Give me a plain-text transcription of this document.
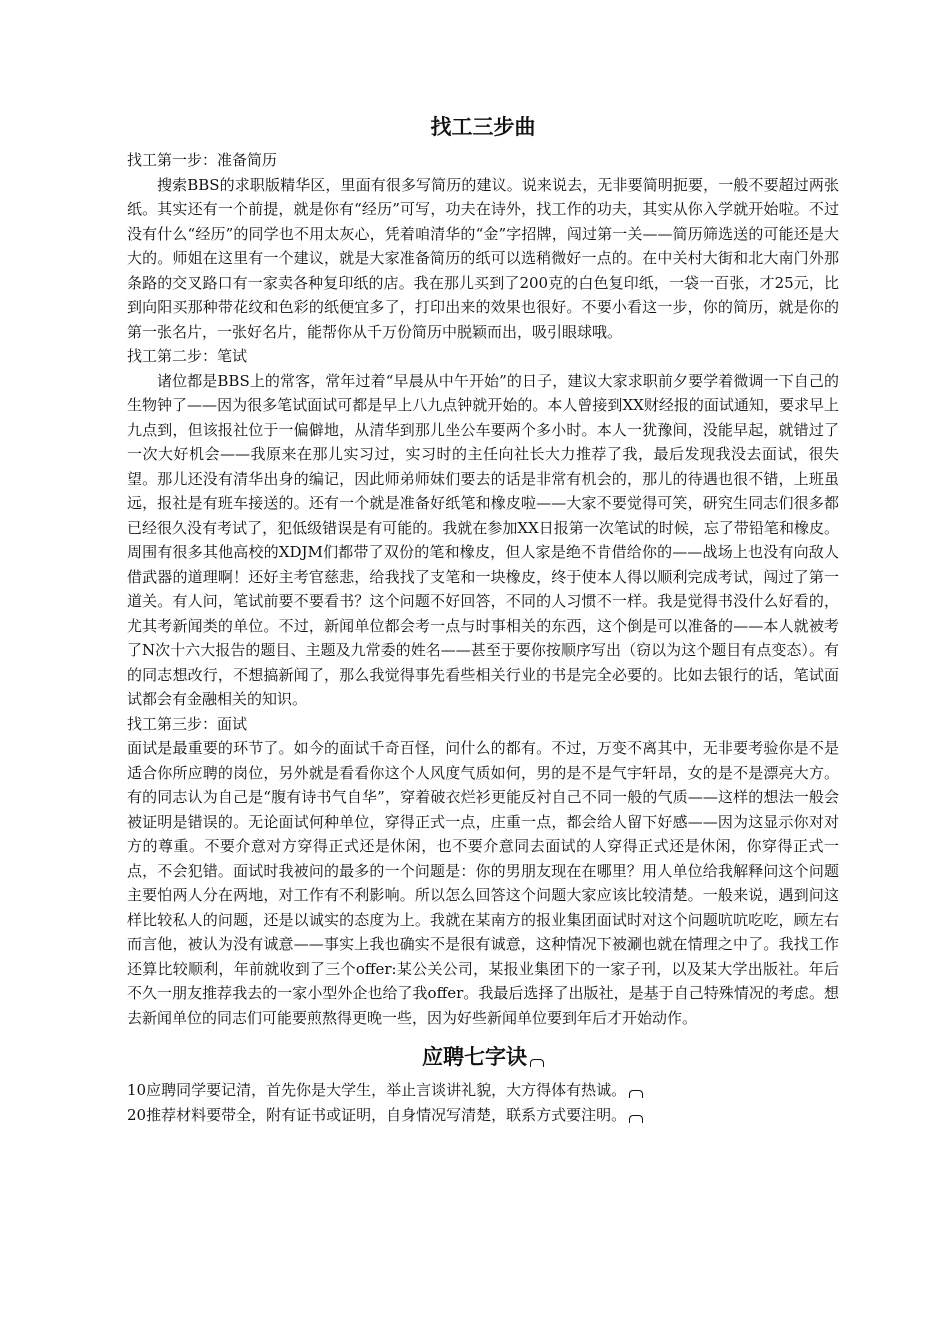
找工三步曲
找工第一步：准备简历
搜索BBS的求职版精华区，里面有很多写简历的建议。说来说去，无非要简明扼要，一般不要超过两张纸。其实还有一个前提，就是你有“经历”可写，功夫在诗外，找工作的功夫，其实从你入学就开始啦。不过没有什么“经历”的同学也不用太灰心，凭着咱清华的“金”字招牌，闯过第一关——简历筛选送的可能还是大大的。师姐在这里有一个建议，就是大家准备简历的纸可以选稍微好一点的。在中关村大街和北大南门外那条路的交叉路口有一家卖各种复印纸的店。我在那儿买到了200克的白色复印纸，一袋一百张，才25元，比到向阳买那种带花纹和色彩的纸便宜多了，打印出来的效果也很好。不要小看这一步，你的简历，就是你的第一张名片，一张好名片，能帮你从千万份简历中脱颖而出，吸引眼球哦。
找工第二步：笔试
诸位都是BBS上的常客，常年过着“早晨从中午开始”的日子，建议大家求职前夕要学着微调一下自己的生物钟了——因为很多笔试面试可都是早上八九点钟就开始的。本人曾接到XX财经报的面试通知，要求早上九点到，但该报社位于一偏僻地，从清华到那儿坐公车要两个多小时。本人一犹豫间，没能早起，就错过了一次大好机会——我原来在那儿实习过，实习时的主任向社长大力推荐了我，最后发现我没去面试，很失望。那儿还没有清华出身的编记，因此师弟师妹们要去的话是非常有机会的，那儿的待遇也很不错，上班虽远，报社是有班车接送的。还有一个就是准备好纸笔和橡皮啦——大家不要觉得可笑，研究生同志们很多都已经很久没有考试了，犯低级错误是有可能的。我就在参加XX日报第一次笔试的时候，忘了带铅笔和橡皮。周围有很多其他高校的XDJM们都带了双份的笔和橡皮，但人家是绝不肯借给你的——战场上也没有向敌人借武器的道理啊！还好主考官慈悲，给我找了支笔和一块橡皮，终于使本人得以顺利完成考试，闯过了第一道关。有人问，笔试前要不要看书？这个问题不好回答，不同的人习惯不一样。我是觉得书没什么好看的，尤其考新闻类的单位。不过，新闻单位都会考一点与时事相关的东西，这个倒是可以准备的——本人就被考了N次十六大报告的题目、主题及九常委的姓名——甚至于要你按顺序写出（窃以为这个题目有点变态）。有的同志想改行，不想搞新闻了，那么我觉得事先看些相关行业的书是完全必要的。比如去银行的话，笔试面试都会有金融相关的知识。
找工第三步：面试
面试是最重要的环节了。如今的面试千奇百怪，问什么的都有。不过，万变不离其中，无非要考验你是不是适合你所应聘的岗位，另外就是看看你这个人风度气质如何，男的是不是气宇轩昂，女的是不是漂亮大方。有的同志认为自己是“腹有诗书气自华”，穿着破衣烂衫更能反衬自己不同一般的气质——这样的想法一般会被证明是错误的。无论面试何种单位，穿得正式一点，庄重一点，都会给人留下好感——因为这显示你对对方的尊重。不要介意对方穿得正式还是休闲，也不要介意同去面试的人穿得正式还是休闲，你穿得正式一点，不会犯错。面试时我被问的最多的一个问题是：你的男朋友现在在哪里？用人单位给我解释问这个问题主要怕两人分在两地，对工作有不利影响。所以怎么回答这个问题大家应该比较清楚。一般来说，遇到问这样比较私人的问题，还是以诚实的态度为上。我就在某南方的报业集团面试时对这个问题吭吭吃吃，顾左右而言他，被认为没有诚意——事实上我也确实不是很有诚意，这种情况下被涮也就在情理之中了。我找工作还算比较顺利，年前就收到了三个offer:某公关公司，某报业集团下的一家子刊，以及某大学出版社。年后不久一朋友推荐我去的一家小型外企也给了我offer。我最后选择了出版社，是基于自己特殊情况的考虑。想去新闻单位的同志们可能要煎熬得更晚一些，因为好些新闻单位要到年后才开始动作。
应聘七字诀
10应聘同学要记清，首先你是大学生，举止言谈讲礼貌，大方得体有热诚。
20推荐材料要带全，附有证书或证明，自身情况写清楚，联系方式要注明。
